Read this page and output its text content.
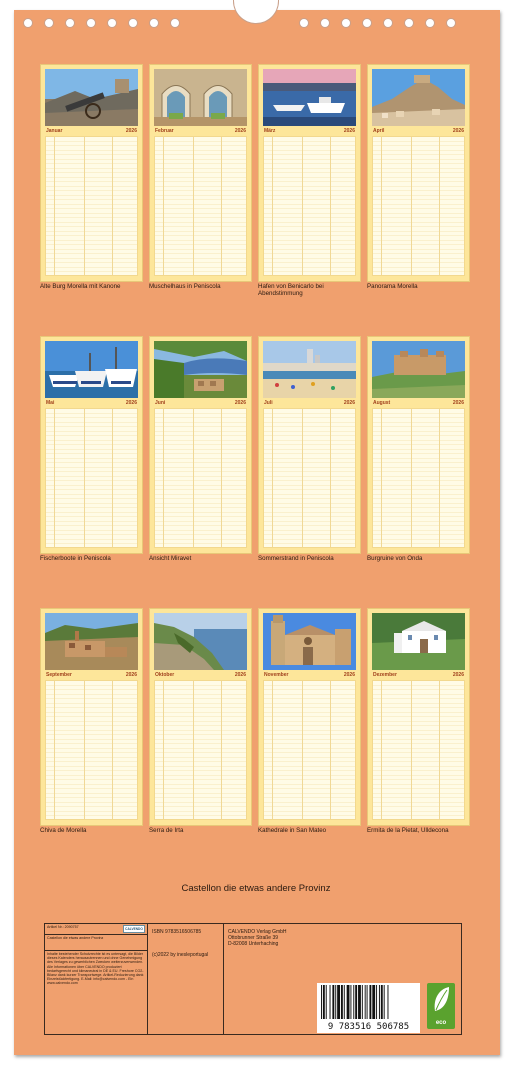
Januar	2026
Alte Burg Morella mit Kanone
Februar	2026
Muschelhaus in Peniscola
März	2026
Hafen von Benicarlo bei Abendstimmung
April	2026
Panorama Morella
Mai	2026
Fischerboote in Peniscola
Juni	2026
Ansicht Miravet
Juli	2026
Sommerstrand in Peniscola
August	2026
Burgruine von Onda
September	2026
Chiva de Morella
Oktober	2026
Serra de Irta
November	2026
Kathedrale in San Mateo
Dezember	2026
Ermita de la Pietat, Ulldecona
Castellon die etwas andere Provinz
Artikel Nr.: 2090757	CALVENDO
Castellon die etwas andere Provinz
Inhalte bestehender Schutzrechte ist es untersagt, die Bilder dieses Kalenders herauszutrennen und ohne Genehmigung des Verlages zu gewerblichen Zwecken weiterzuverwenden. Alle Informationen über CALVENDO produziert bedarfsgerecht und klimaneutral in DE & EU. Freshore CO2-Bilanz dank kurzer Transportwege. Artikel-Reduzierung dank Einzelstückfertigung. E-Mail: info@calvendo.com - Ein www.calvendo.com
ISBN 9783516506785
(c)2022 by inesleportugal
CALVENDO Verlag GmbH
Ottobrunner Straße 39
D-82008 Unterhaching
9 783516 506785	eco
